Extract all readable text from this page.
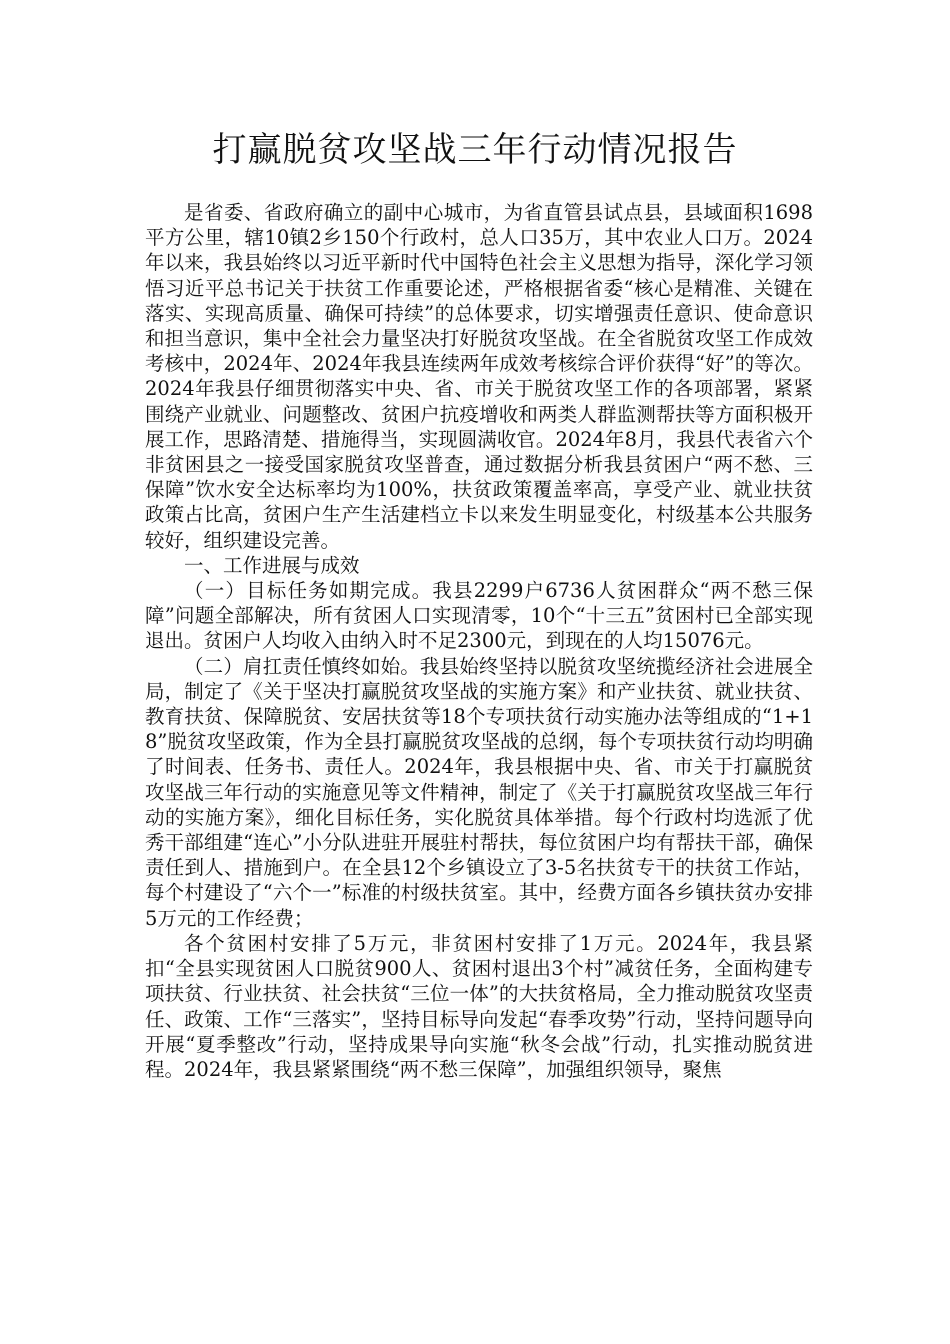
打赢脱贫攻坚战三年行动情况报告

是省委、省政府确立的副中心城市，为省直管县试点县，县域面积1698平方公里，辖10镇2乡150个行政村，总人口35万，其中农业人口万。2024年以来，我县始终以习近平新时代中国特色社会主义思想为指导，深化学习领悟习近平总书记关于扶贫工作重要论述，严格根据省委“核心是精准、关键在落实、实现高质量、确保可持续”的总体要求，切实增强责任意识、使命意识和担当意识，集中全社会力量坚决打好脱贫攻坚战。在全省脱贫攻坚工作成效考核中，2024年、2024年我县连续两年成效考核综合评价获得“好”的等次。2024年我县仔细贯彻落实中央、省、市关于脱贫攻坚工作的各项部署，紧紧围绕产业就业、问题整改、贫困户抗疫增收和两类人群监测帮扶等方面积极开展工作，思路清楚、措施得当，实现圆满收官。2024年8月，我县代表省六个非贫困县之一接受国家脱贫攻坚普查，通过数据分析我县贫困户“两不愁、三保障”饮水安全达标率均为100%，扶贫政策覆盖率高，享受产业、就业扶贫政策占比高，贫困户生产生活建档立卡以来发生明显变化，村级基本公共服务较好，组织建设完善。

一、工作进展与成效

（一）目标任务如期完成。我县2299户6736人贫困群众“两不愁三保障”问题全部解决，所有贫困人口实现清零，10个“十三五”贫困村已全部实现退出。贫困户人均收入由纳入时不足2300元，到现在的人均15076元。

（二）肩扛责任慎终如始。我县始终坚持以脱贫攻坚统揽经济社会进展全局，制定了《关于坚决打赢脱贫攻坚战的实施方案》和产业扶贫、就业扶贫、教育扶贫、保障脱贫、安居扶贫等18个专项扶贫行动实施办法等组成的“1+18”脱贫攻坚政策，作为全县打赢脱贫攻坚战的总纲，每个专项扶贫行动均明确了时间表、任务书、责任人。2024年，我县根据中央、省、市关于打赢脱贫攻坚战三年行动的实施意见等文件精神，制定了《关于打赢脱贫攻坚战三年行动的实施方案》，细化目标任务，实化脱贫具体举措。每个行政村均选派了优秀干部组建“连心”小分队进驻开展驻村帮扶，每位贫困户均有帮扶干部，确保责任到人、措施到户。在全县12个乡镇设立了3-5名扶贫专干的扶贫工作站，每个村建设了“六个一”标准的村级扶贫室。其中，经费方面各乡镇扶贫办安排5万元的工作经费；

各个贫困村安排了5万元，非贫困村安排了1万元。2024年，我县紧扣“全县实现贫困人口脱贫900人、贫困村退出3个村”减贫任务，全面构建专项扶贫、行业扶贫、社会扶贫“三位一体”的大扶贫格局，全力推动脱贫攻坚责任、政策、工作“三落实”，坚持目标导向发起“春季攻势”行动，坚持问题导向开展“夏季整改”行动，坚持成果导向实施“秋冬会战”行动，扎实推动脱贫进程。2024年，我县紧紧围绕“两不愁三保障”，加强组织领导，聚焦
